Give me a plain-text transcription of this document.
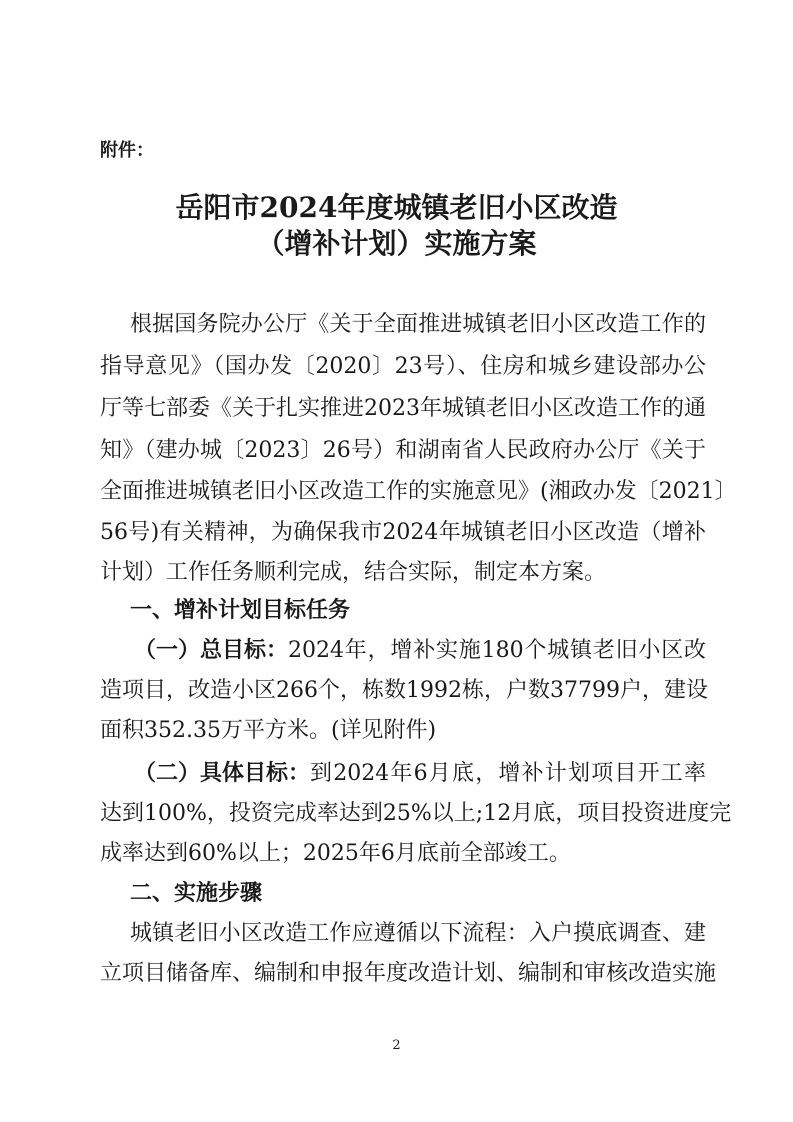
附件：
岳阳市2024年度城镇老旧小区改造
（增补计划）实施方案
根据国务院办公厅《关于全面推进城镇老旧小区改造工作的
指导意见》（国办发〔2020〕23号）、住房和城乡建设部办公
厅等七部委《关于扎实推进2023年城镇老旧小区改造工作的通
知》（建办城〔2023〕26号）和湖南省人民政府办公厅《关于
全面推进城镇老旧小区改造工作的实施意见》(湘政办发〔2021〕
56号)有关精神，为确保我市2024年城镇老旧小区改造（增补
计划）工作任务顺利完成，结合实际，制定本方案。
一、增补计划目标任务
（一）总目标： 2024年，增补实施180个城镇老旧小区改
造项目，改造小区266个，栋数1992栋，户数37799户，建设
面积352.35万平方米。(详见附件)
（二）具体目标： 到2024年6月底，增补计划项目开工率
达到100%，投资完成率达到25%以上;12月底，项目投资进度完
成率达到60%以上；2025年6月底前全部竣工。
二、实施步骤
城镇老旧小区改造工作应遵循以下流程：入户摸底调查、建
立项目储备库、编制和申报年度改造计划、编制和审核改造实施
2
